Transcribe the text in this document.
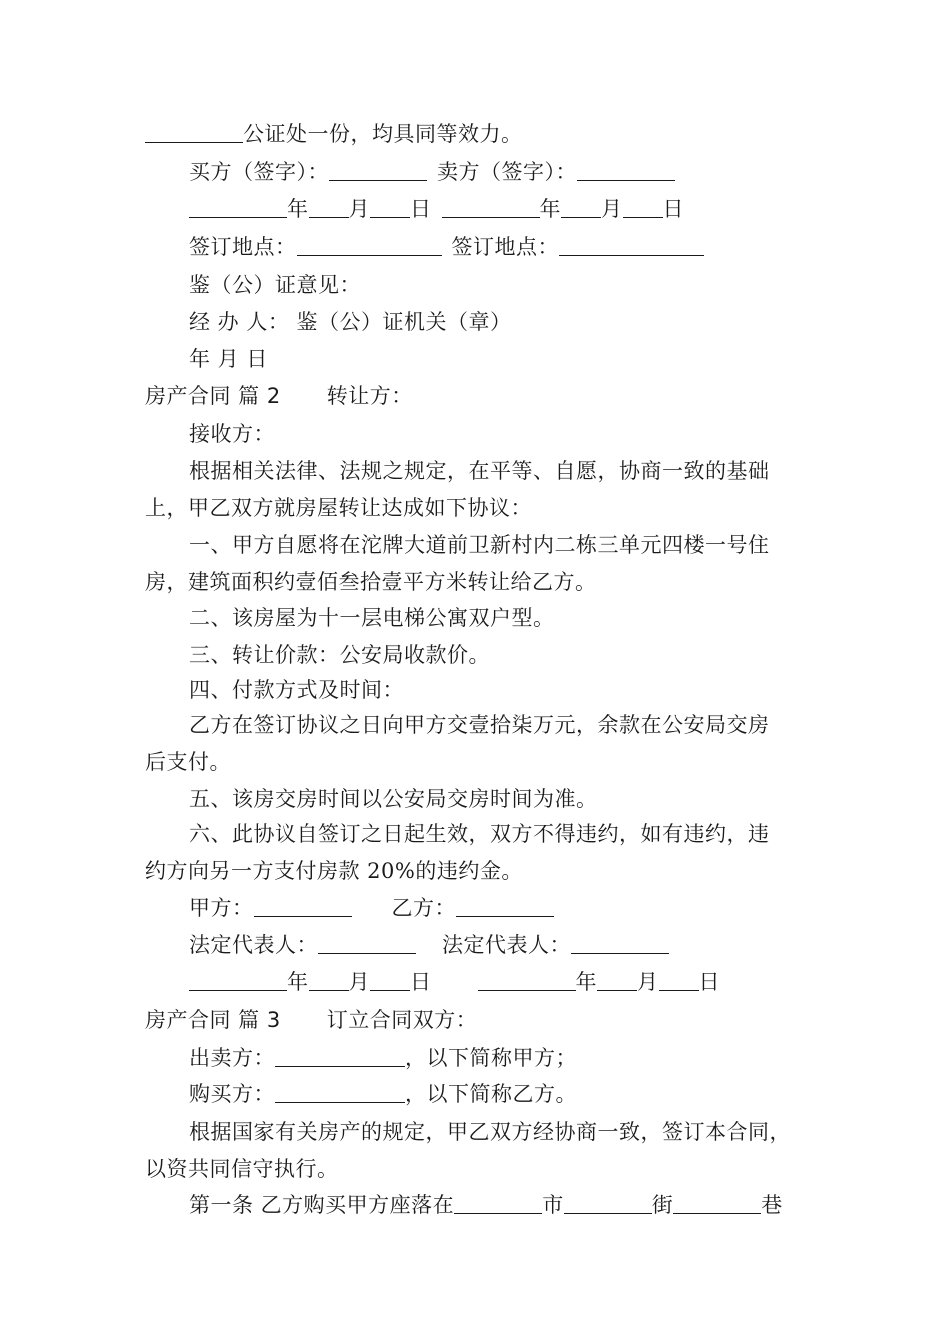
公证处一份，均具同等效力。
买方（签字）：	卖方（签字）：
年 月 日	年 月 日
签订地点：	签订地点：
鉴（公）证意见：
经 办 人： 鉴（公）证机关（章）
年 月 日
房产合同 篇 2 转让方：
接收方：
根据相关法律、法规之规定，在平等、自愿，协商一致的基础
上，甲乙双方就房屋转让达成如下协议：
一、甲方自愿将在沱牌大道前卫新村内二栋三单元四楼一号住
房，建筑面积约壹佰叁拾壹平方米转让给乙方。
二、该房屋为十一层电梯公寓双户型。
三、转让价款：公安局收款价。
四、付款方式及时间：
乙方在签订协议之日向甲方交壹拾柒万元，余款在公安局交房
后支付。
五、该房交房时间以公安局交房时间为准。
六、此协议自签订之日起生效，双方不得违约，如有违约，违
约方向另一方支付房款 20%的违约金。
甲方：	乙方：
法定代表人：	法定代表人：
年 月 日	年 月 日
房产合同 篇 3 订立合同双方：
出卖方：	，以下简称甲方；
购买方：	，以下简称乙方。
根据国家有关房产的规定，甲乙双方经协商一致，签订本合同，
以资共同信守执行。
第一条 乙方购买甲方座落在	市	街	巷
